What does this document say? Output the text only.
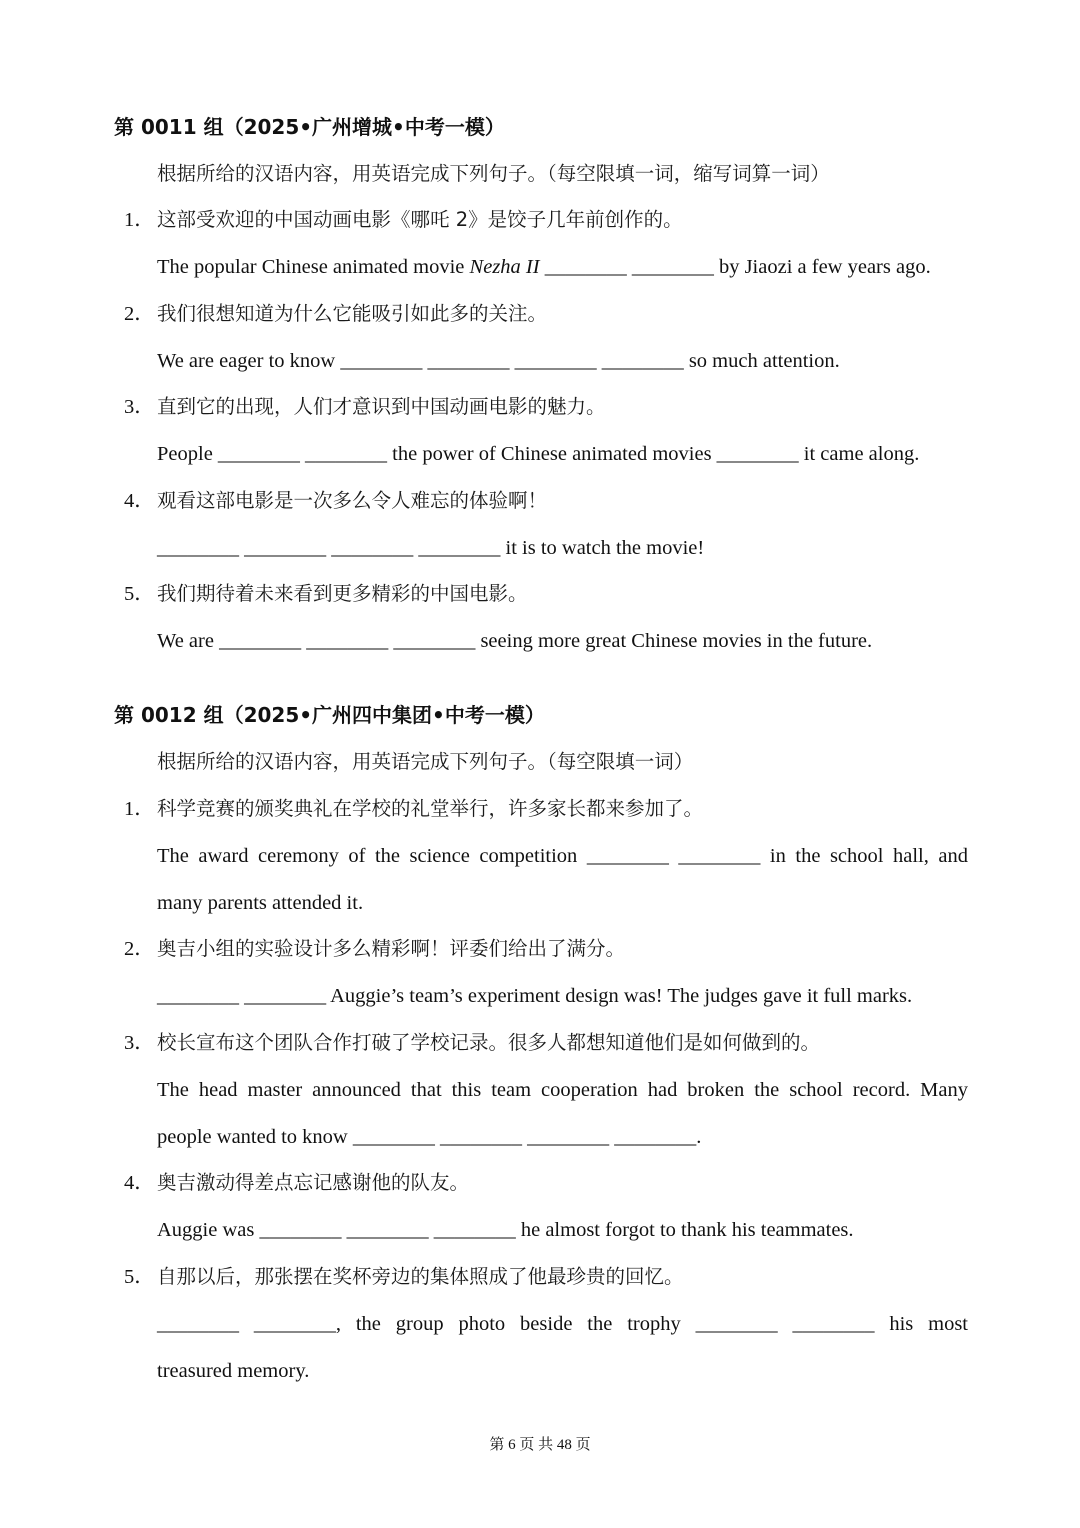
第 0011 组（2025•广州增城•中考一模）
根据所给的汉语内容，用英语完成下列句子。（每空限填一词，缩写词算一词）
1． 这部受欢迎的中国动画电影《哪吒 2》是饺子几年前创作的。
The popular Chinese animated movie Nezha II ________ ________ by Jiaozi a few years ago.
2． 我们很想知道为什么它能吸引如此多的关注。
We are eager to know ________ ________ ________ ________ so much attention.
3． 直到它的出现，人们才意识到中国动画电影的魅力。
People ________ ________ the power of Chinese animated movies ________ it came along.
4． 观看这部电影是一次多么令人难忘的体验啊！
________ ________ ________ ________ it is to watch the movie!
5． 我们期待着未来看到更多精彩的中国电影。
We are ________ ________ ________ seeing more great Chinese movies in the future.
第 0012 组（2025•广州四中集团•中考一模）
根据所给的汉语内容，用英语完成下列句子。（每空限填一词）
1． 科学竞赛的颁奖典礼在学校的礼堂举行，许多家长都来参加了。
The award ceremony of the science competition ________ ________ in the school hall, and
many parents attended it.
2． 奥吉小组的实验设计多么精彩啊！评委们给出了满分。
________ ________ Auggie’s team’s experiment design was! The judges gave it full marks.
3． 校长宣布这个团队合作打破了学校记录。很多人都想知道他们是如何做到的。
The head master announced that this team cooperation had broken the school record. Many
people wanted to know ________ ________ ________ ________.
4． 奥吉激动得差点忘记感谢他的队友。
Auggie was ________ ________ ________ he almost forgot to thank his teammates.
5． 自那以后，那张摆在奖杯旁边的集体照成了他最珍贵的回忆。
________ ________, the group photo beside the trophy ________ ________ his most
treasured memory.
第 6 页 共 48 页
